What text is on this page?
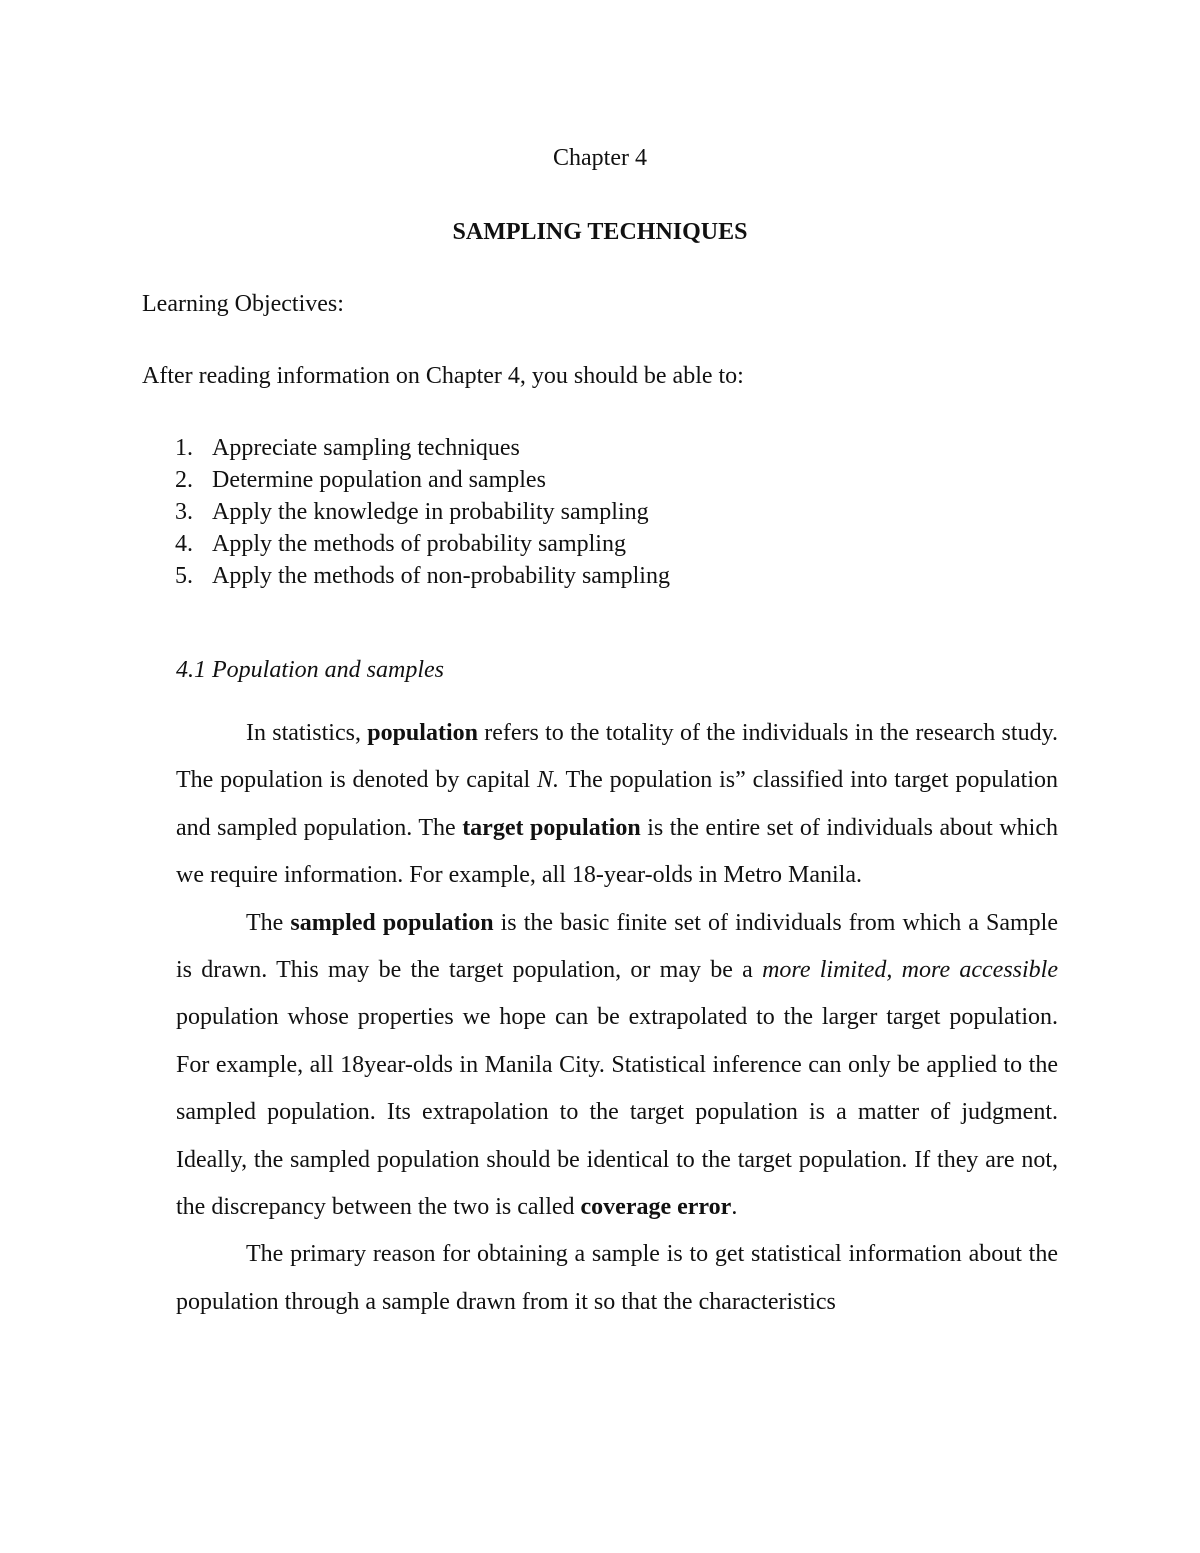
Chapter 4
SAMPLING TECHNIQUES
Learning Objectives:
After reading information on Chapter 4, you should be able to:
1. Appreciate sampling techniques
2. Determine population and samples
3. Apply the knowledge in probability sampling
4. Apply the methods of probability sampling
5. Apply the methods of non-probability sampling
4.1 Population and samples

In statistics, population refers to the totality of the individuals in the research study. The population is denoted by capital N. The population is” classified into target population and sampled population. The target population is the entire set of individuals about which we require information. For example, all 18-year-olds in Metro Manila.

The sampled population is the basic finite set of individuals from which a Sample is drawn. This may be the target population, or may be a more limited, more accessible population whose properties we hope can be extrapolated to the larger target population. For example, all 18year-olds in Manila City. Statistical inference can only be applied to the sampled population. Its extrapolation to the target population is a matter of judgment. Ideally, the sampled population should be identical to the target population. If they are not, the discrepancy between the two is called coverage error.

The primary reason for obtaining a sample is to get statistical information about the population through a sample drawn from it so that the characteristics
